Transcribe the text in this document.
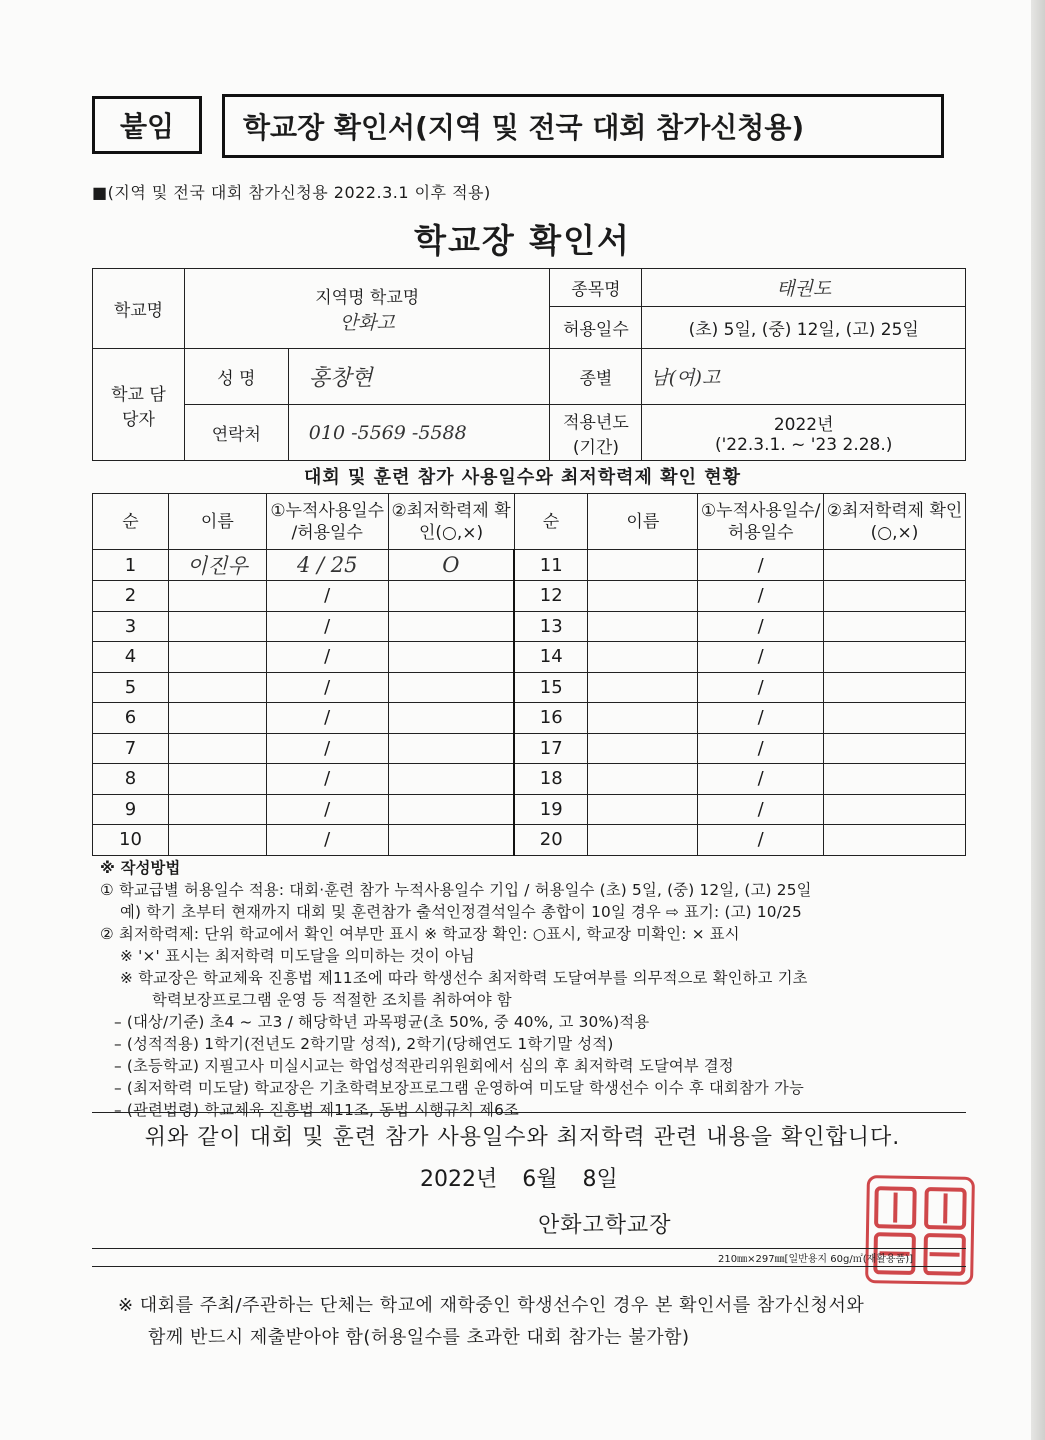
붙임	학교장 확인서(지역 및 전국 대회 참가신청용)
■(지역 및 전국 대회 참가신청용 2022.3.1 이후 적용)
학교장 확인서
학교명	지역명 학교명
안화고		종목명	태권도
			허용일수	(초) 5일, (중) 12일, (고) 25일
학교 담당자	성 명	홍창현	종별	남(여)고
	연락처	010 -5569 -5588	적용년도 (기간)	2022년
('22.3.1. ~ '23 2.28.)
대회 및 훈련 참가 사용일수와 최저학력제 확인 현황
순	이름	①누적사용일수 /허용일수	②최저학력제 확인(○,×)	순	이름	①누적사용일수/ 허용일수	②최저학력제 확인(○,×)
1	이진우	4 / 25	O	11		/	
2		/		12		/	
3		/		13		/	
4		/		14		/	
5		/		15		/	
6		/		16		/	
7		/		17		/	
8		/		18		/	
9		/		19		/	
10		/		20		/	
※ 작성방법
① 학교급별 허용일수 적용: 대회·훈련 참가 누적사용일수 기입 / 허용일수 (초) 5일, (중) 12일, (고) 25일
예) 학기 초부터 현재까지 대회 및 훈련참가 출석인정결석일수 총합이 10일 경우 ⇨ 표기: (고) 10/25
② 최저학력제: 단위 학교에서 확인 여부만 표시 ※ 학교장 확인: ○표시, 학교장 미확인: × 표시
※ '×' 표시는 최저학력 미도달을 의미하는 것이 아님
※ 학교장은 학교체육 진흥법 제11조에 따라 학생선수 최저학력 도달여부를 의무적으로 확인하고 기초
학력보장프로그램 운영 등 적절한 조치를 취하여야 함
– (대상/기준) 초4 ~ 고3 / 해당학년 과목평균(초 50%, 중 40%, 고 30%)적용
– (성적적용) 1학기(전년도 2학기말 성적), 2학기(당해연도 1학기말 성적)
– (초등학교) 지필고사 미실시교는 학업성적관리위원회에서 심의 후 최저학력 도달여부 결정
– (최저학력 미도달) 학교장은 기초학력보장프로그램 운영하여 미도달 학생선수 이수 후 대회참가 가능
– (관련법령) 학교체육 진흥법 제11조, 동법 시행규칙 제6조
위와 같이 대회 및 훈련 참가 사용일수와 최저학력 관련 내용을 확인합니다.
2022년 6월 8일
안화고학교장
210㎜×297㎜[일반용지 60g/㎡(재활용품)]
※ 대회를 주최/주관하는 단체는 학교에 재학중인 학생선수인 경우 본 확인서를 참가신청서와
함께 반드시 제출받아야 함(허용일수를 초과한 대회 참가는 불가함)
